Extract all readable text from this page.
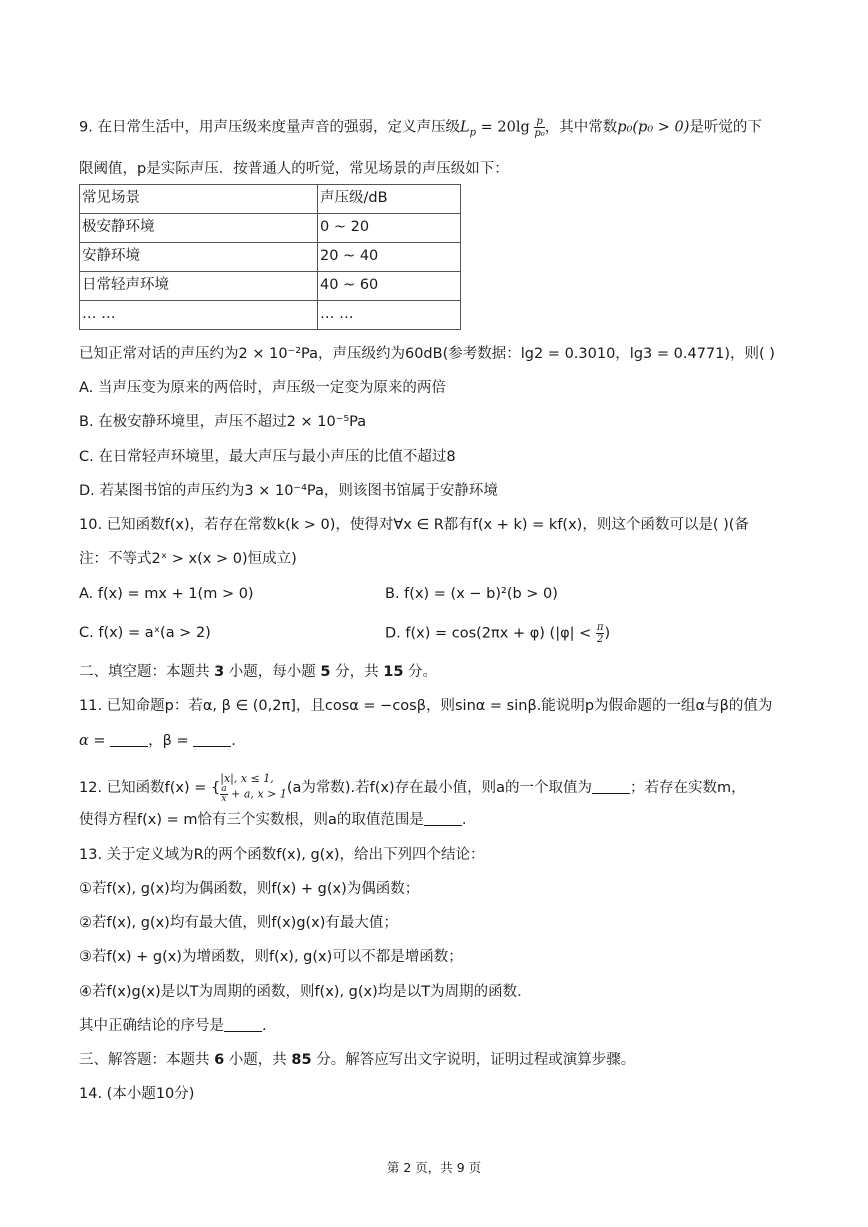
9. 在日常生活中，用声压级来度量声音的强弱，定义声压级$L_p = 20\lg \frac{p}{\text{p₀}}$ ，其中常数p₀(p₀ > 0)是听觉的下
限阈值，p是实际声压．按普通人的听觉，常见场景的声压级如下：
常见场景	声压级/dB
极安静环境	0 ~ 20
安静环境	20 ~ 40
日常轻声环境	40 ~ 60
… …	… …
已知正常对话的声压约为2 × 10⁻²Pa，声压级约为60dB(参考数据：lg2 = 0.3010，lg3 = 0.4771)，则( )
A. 当声压变为原来的两倍时，声压级一定变为原来的两倍
B. 在极安静环境里，声压不超过2 × 10⁻⁵Pa
C. 在日常轻声环境里，最大声压与最小声压的比值不超过8
D. 若某图书馆的声压约为3 × 10⁻⁴Pa，则该图书馆属于安静环境
10. 已知函数f(x)，若存在常数k(k > 0)，使得对∀x ∈ R都有f(x + k) = kf(x)，则这个函数可以是( )(备
注：不等式2ˣ > x(x > 0)恒成立)
A. f(x) = mx + 1(m > 0)	B. f(x) = (x − b)²(b > 0)
C. f(x) = aˣ(a > 2)	D. f(x) = cos(2πx + φ) ($|\varphi| < \frac{\pi}{2}$ )
二、填空题：本题共 3 小题，每小题 5 分，共 15 分。
11. 已知命题p：若α, β ∈ (0,2π]，且cosα = −cosβ，则sinα = sinβ.能说明p为假命题的一组α与β的值为
α =	，β =	.
12. 已知函数f(x) = {
|x|, x ≤ 1,
$\frac{a}{x} + a$, x > 1 (a为常数).若f(x)存在最小值，则a的一个取值为	；若存在实数m，
使得方程f(x) = m恰有三个实数根，则a的取值范围是	.
13. 关于定义域为R的两个函数f(x), g(x)，给出下列四个结论：
①若f(x), g(x)均为偶函数，则f(x) + g(x)为偶函数；
②若f(x), g(x)均有最大值，则f(x)g(x)有最大值；
③若f(x) + g(x)为增函数，则f(x), g(x)可以不都是增函数；
④若f(x)g(x)是以T为周期的函数，则f(x), g(x)均是以T为周期的函数．
其中正确结论的序号是	.
三、解答题：本题共 6 小题，共 85 分。解答应写出文字说明，证明过程或演算步骤。
14. (本小题10分)
第 2 页，共 9 页
